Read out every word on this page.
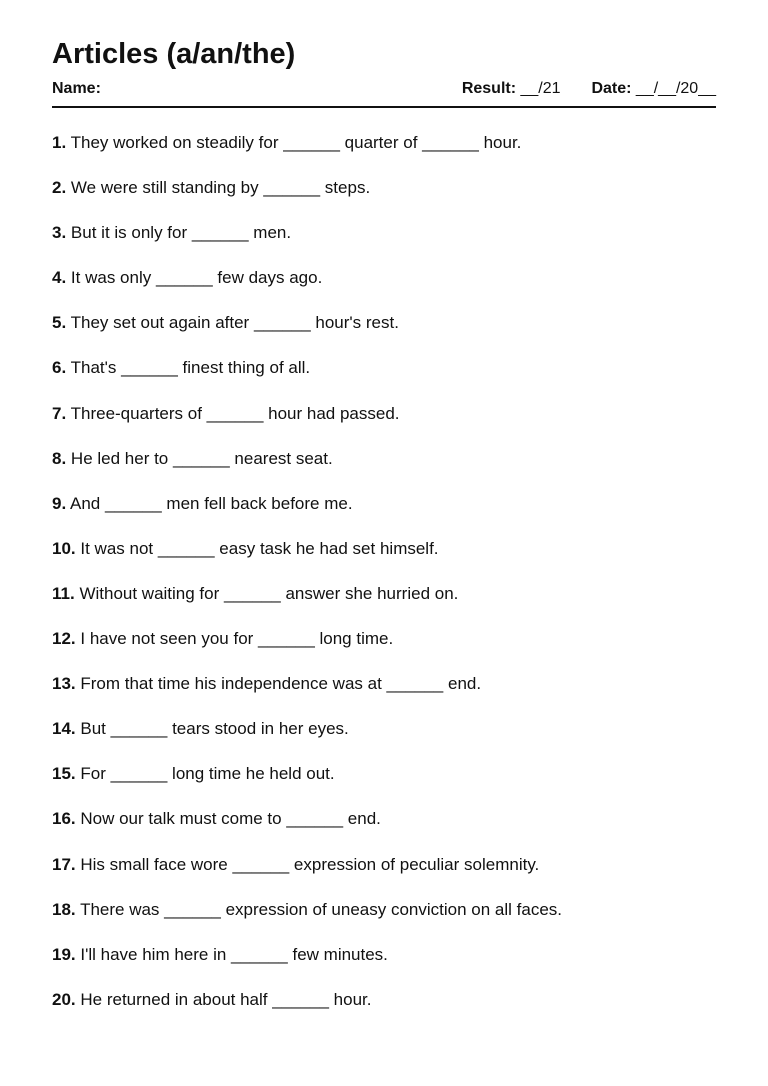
Articles (a/an/the)
Name:	Result: __/21 Date: __/__/20__
1. They worked on steadily for ______ quarter of ______ hour.
2. We were still standing by ______ steps.
3. But it is only for ______ men.
4. It was only ______ few days ago.
5. They set out again after ______ hour's rest.
6. That's ______ finest thing of all.
7. Three-quarters of ______ hour had passed.
8. He led her to ______ nearest seat.
9. And ______ men fell back before me.
10. It was not ______ easy task he had set himself.
11. Without waiting for ______ answer she hurried on.
12. I have not seen you for ______ long time.
13. From that time his independence was at ______ end.
14. But ______ tears stood in her eyes.
15. For ______ long time he held out.
16. Now our talk must come to ______ end.
17. His small face wore ______ expression of peculiar solemnity.
18. There was ______ expression of uneasy conviction on all faces.
19. I'll have him here in ______ few minutes.
20. He returned in about half ______ hour.
